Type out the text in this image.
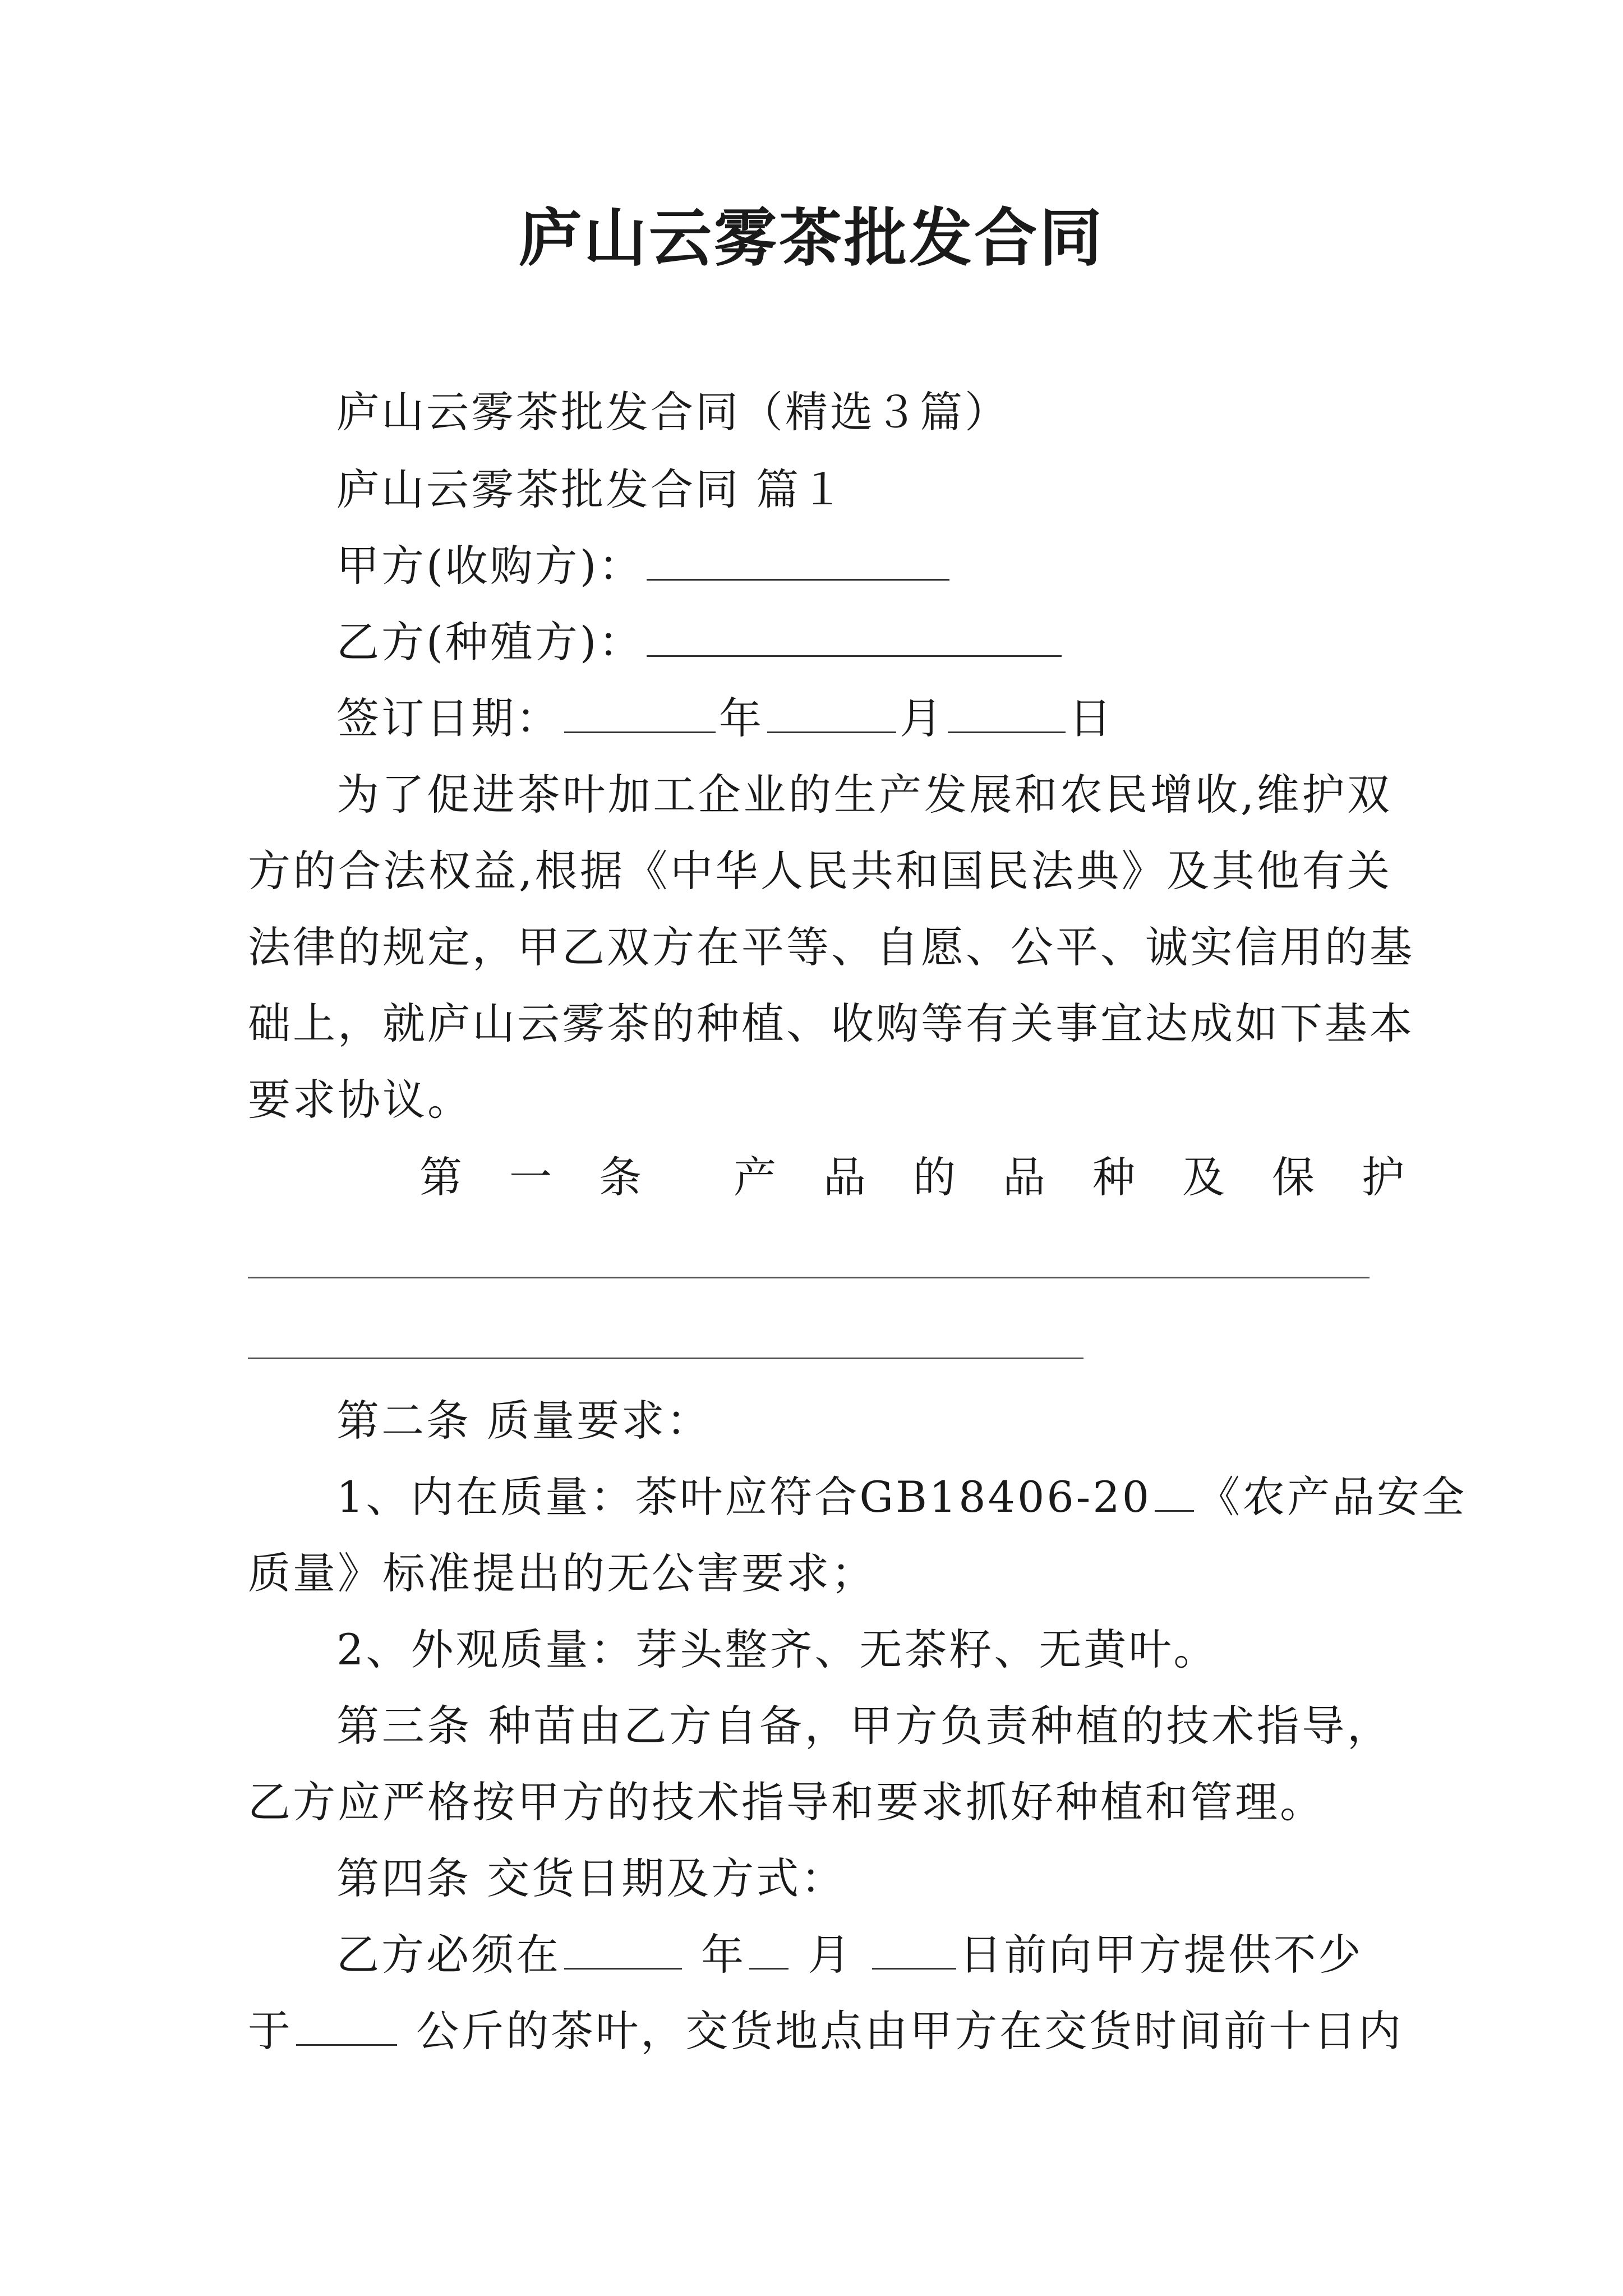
庐山云雾茶批发合同
庐山云雾茶批发合同（精选３篇）
庐山云雾茶批发合同 篇１
甲方(收购方)：
乙方(种殖方)：
签订日期：	年	月	日
为了促进茶叶加工企业的生产发展和农民增收,维护双
方的合法权益,根据《中华人民共和国民法典》及其他有关
法律的规定，甲乙双方在平等、自愿、公平、诚实信用的基
础上，就庐山云雾茶的种植、收购等有关事宜达成如下基本
要求协议。
第　一　条　　产　品　的　品　种　及　保　护
第二条 质量要求：
1、内在质量：茶叶应符合GB18406-20 《农产品安全
质量》标准提出的无公害要求；
2、外观质量：芽头整齐、无茶籽、无黄叶。
第三条 种苗由乙方自备，甲方负责种植的技术指导，
乙方应严格按甲方的技术指导和要求抓好种植和管理。
第四条 交货日期及方式：
乙方必须在	年 月	日前向甲方提供不少
于	公斤的茶叶，交货地点由甲方在交货时间前十日内
